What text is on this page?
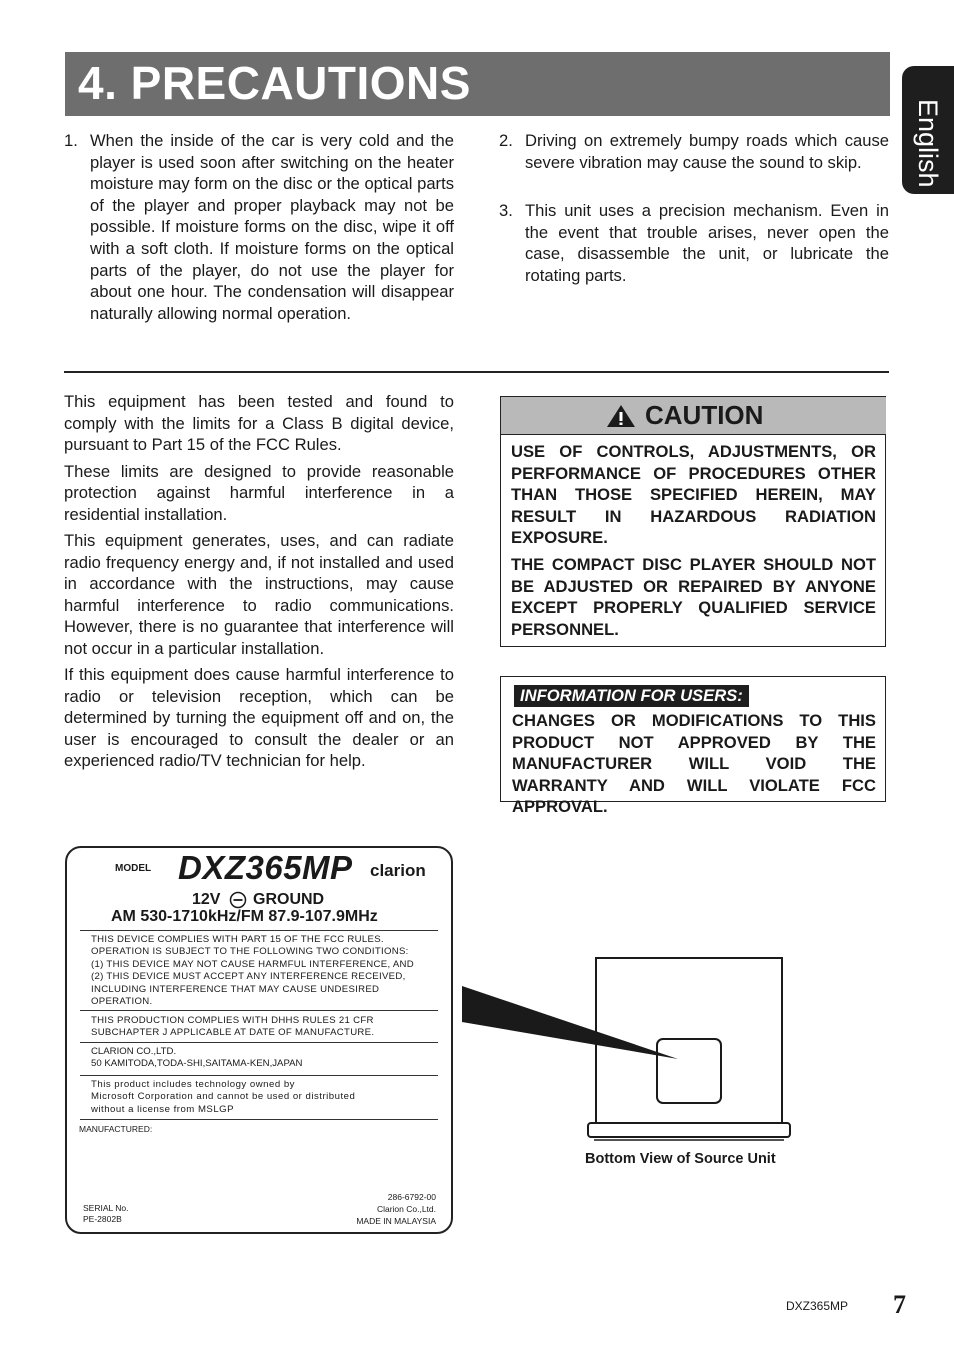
4. PRECAUTIONS
English
1. When the inside of the car is very cold and the player is used soon after switching on the heater moisture may form on the disc or the optical parts of the player and proper playback may not be possible. If moisture forms on the disc, wipe it off with a soft cloth. If moisture forms on the optical parts of the player, do not use the player for about one hour. The condensation will disappear naturally allowing normal operation.
2. Driving on extremely bumpy roads which cause severe vibration may cause the sound to skip.
3. This unit uses a precision mechanism. Even in the event that trouble arises, never open the case, disassemble the unit, or lubricate the rotating parts.

This equipment has been tested and found to comply with the limits for a Class B digital device, pursuant to Part 15 of the FCC Rules.

These limits are designed to provide reasonable protection against harmful interference in a residential installation.

This equipment generates, uses, and can radiate radio frequency energy and, if not installed and used in accordance with the instructions, may cause harmful interference to radio communications. However, there is no guarantee that interference will not occur in a particular installation.

If this equipment does cause harmful interference to radio or television reception, which can be determined by turning the equipment off and on, the user is encouraged to consult the dealer or an experienced radio/TV technician for help.

CAUTION

USE OF CONTROLS, ADJUSTMENTS, OR PERFORMANCE OF PROCEDURES OTHER THAN THOSE SPECIFIED HEREIN, MAY RESULT IN HAZARDOUS RADIATION EXPOSURE.

THE COMPACT DISC PLAYER SHOULD NOT BE ADJUSTED OR REPAIRED BY ANYONE EXCEPT PROPERLY QUALIFIED SERVICE PERSONNEL.

INFORMATION FOR USERS:
CHANGES OR MODIFICATIONS TO THIS PRODUCT NOT APPROVED BY THE MANUFACTURER WILL VOID THE WARRANTY AND WILL VIOLATE FCC APPROVAL.
MODEL DXZ365MP clarion
12V GROUND
AM 530-1710kHz/FM 87.9-107.9MHz
THIS DEVICE COMPLIES WITH PART 15 OF THE FCC RULES.
OPERATION IS SUBJECT TO THE FOLLOWING TWO CONDITIONS:
(1) THIS DEVICE MAY NOT CAUSE HARMFUL INTERFERENCE, AND
(2) THIS DEVICE MUST ACCEPT ANY INTERFERENCE RECEIVED,
INCLUDING INTERFERENCE THAT MAY CAUSE UNDESIRED
OPERATION.
THIS PRODUCTION COMPLIES WITH DHHS RULES 21 CFR
SUBCHAPTER J APPLICABLE AT DATE OF MANUFACTURE.
CLARION CO.,LTD.
50 KAMITODA,TODA-SHI,SAITAMA-KEN,JAPAN
This product includes technology owned by
Microsoft Corporation and cannot be used or distributed
without a license from MSLGP
MANUFACTURED:
SERIAL No.
PE-2802B
286-6792-00
Clarion Co.,Ltd.
MADE IN MALAYSIA
Bottom View of Source Unit
DXZ365MP 7
